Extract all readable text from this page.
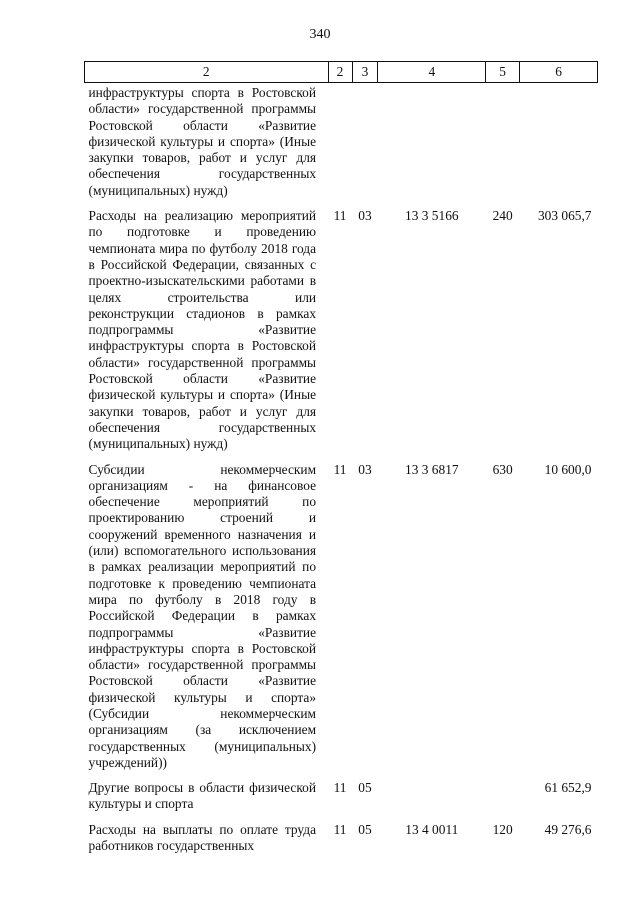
340
2	2	3	4	5	6
инфраструктуры спорта в Ростовской области» государственной программы Ростовской области «Развитие физической культуры и спорта» (Иные закупки товаров, работ и услуг для обеспечения государственных (муниципальных) нужд)					
Расходы на реализацию мероприятий по подготовке и проведению чемпионата мира по футболу 2018 года в Российской Федерации, связанных с проектно-изыскательскими работами в целях строительства или реконструкции стадионов в рамках подпрограммы «Развитие инфраструктуры спорта в Ростовской области» государственной программы Ростовской области «Развитие физической культуры и спорта» (Иные закупки товаров, работ и услуг для обеспечения государственных (муниципальных) нужд)	11	03	13 3 5166	240	303 065,7
Субсидии некоммерческим организациям - на финансовое обеспечение мероприятий по проектированию строений и сооружений временного назначения и (или) вспомогательного использования в рамках реализации мероприятий по подготовке к проведению чемпионата мира по футболу в 2018 году в Российской Федерации в рамках подпрограммы «Развитие инфраструктуры спорта в Ростовской области» государственной программы Ростовской области «Развитие физической культуры и спорта» (Субсидии некоммерческим организациям (за исключением государственных (муниципальных) учреждений))	11	03	13 3 6817	630	10 600,0
Другие вопросы в области физической культуры и спорта	11	05			61 652,9
Расходы на выплаты по оплате труда работников государственных	11	05	13 4 0011	120	49 276,6
